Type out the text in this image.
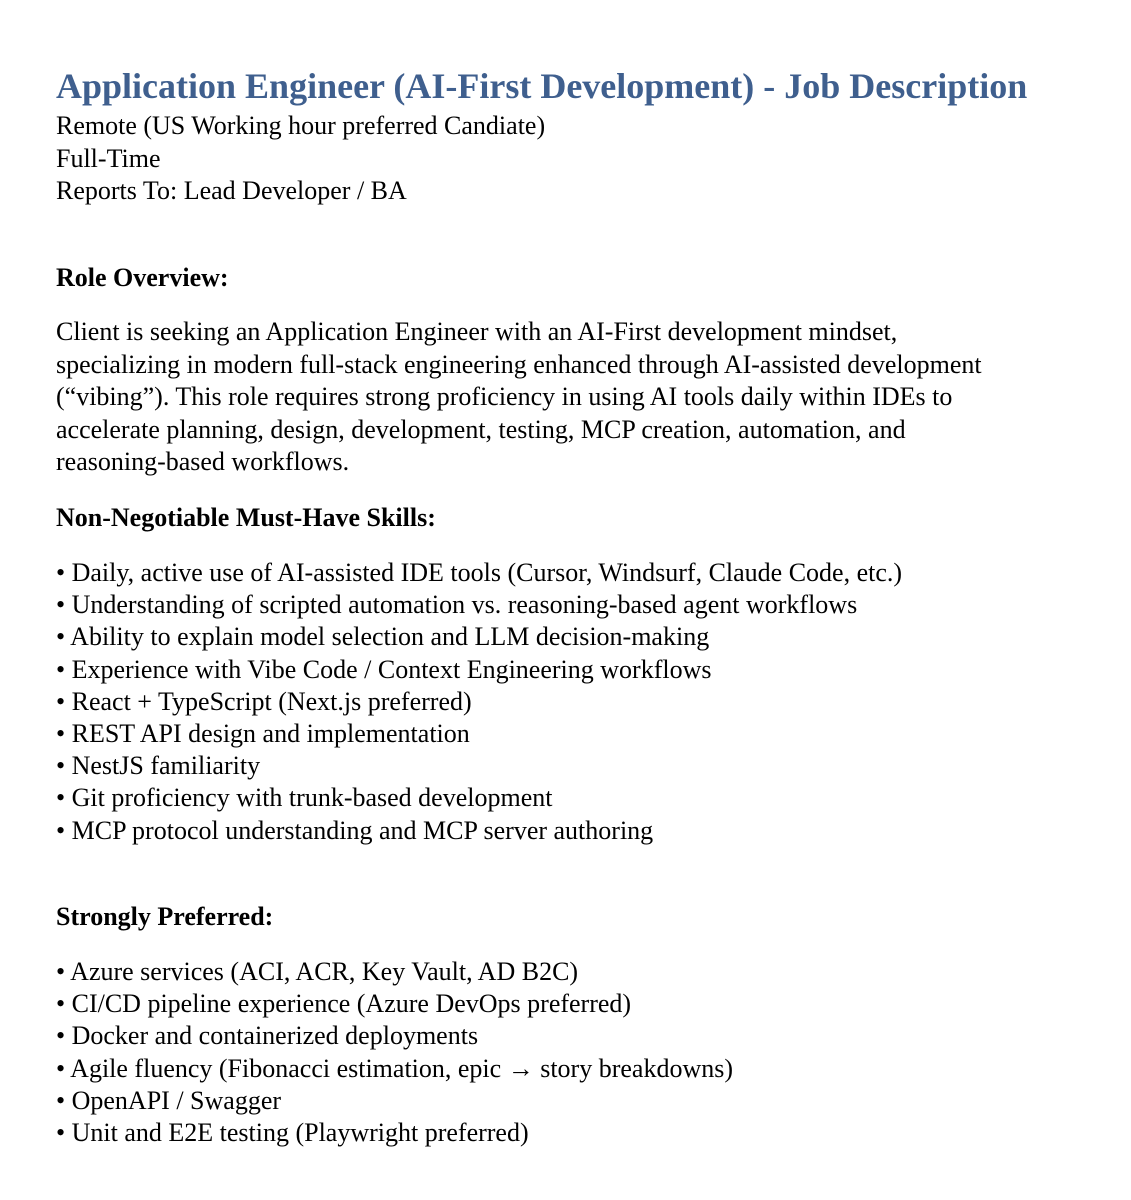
Application Engineer (AI-First Development) - Job Description
Remote (US Working hour preferred Candiate)
Full-Time
Reports To: Lead Developer / BA
Role Overview:

Client is seeking an Application Engineer with an AI-First development mindset,
specializing in modern full-stack engineering enhanced through AI-assisted development
(“vibing”). This role requires strong proficiency in using AI tools daily within IDEs to
accelerate planning, design, development, testing, MCP creation, automation, and
reasoning-based workflows.

Non-Negotiable Must-Have Skills:
• Daily, active use of AI-assisted IDE tools (Cursor, Windsurf, Claude Code, etc.)
• Understanding of scripted automation vs. reasoning-based agent workflows
• Ability to explain model selection and LLM decision-making
• Experience with Vibe Code / Context Engineering workflows
• React + TypeScript (Next.js preferred)
• REST API design and implementation
• NestJS familiarity
• Git proficiency with trunk-based development
• MCP protocol understanding and MCP server authoring
Strongly Preferred:
• Azure services (ACI, ACR, Key Vault, AD B2C)
• CI/CD pipeline experience (Azure DevOps preferred)
• Docker and containerized deployments
• Agile fluency (Fibonacci estimation, epic → story breakdowns)
• OpenAPI / Swagger
• Unit and E2E testing (Playwright preferred)
